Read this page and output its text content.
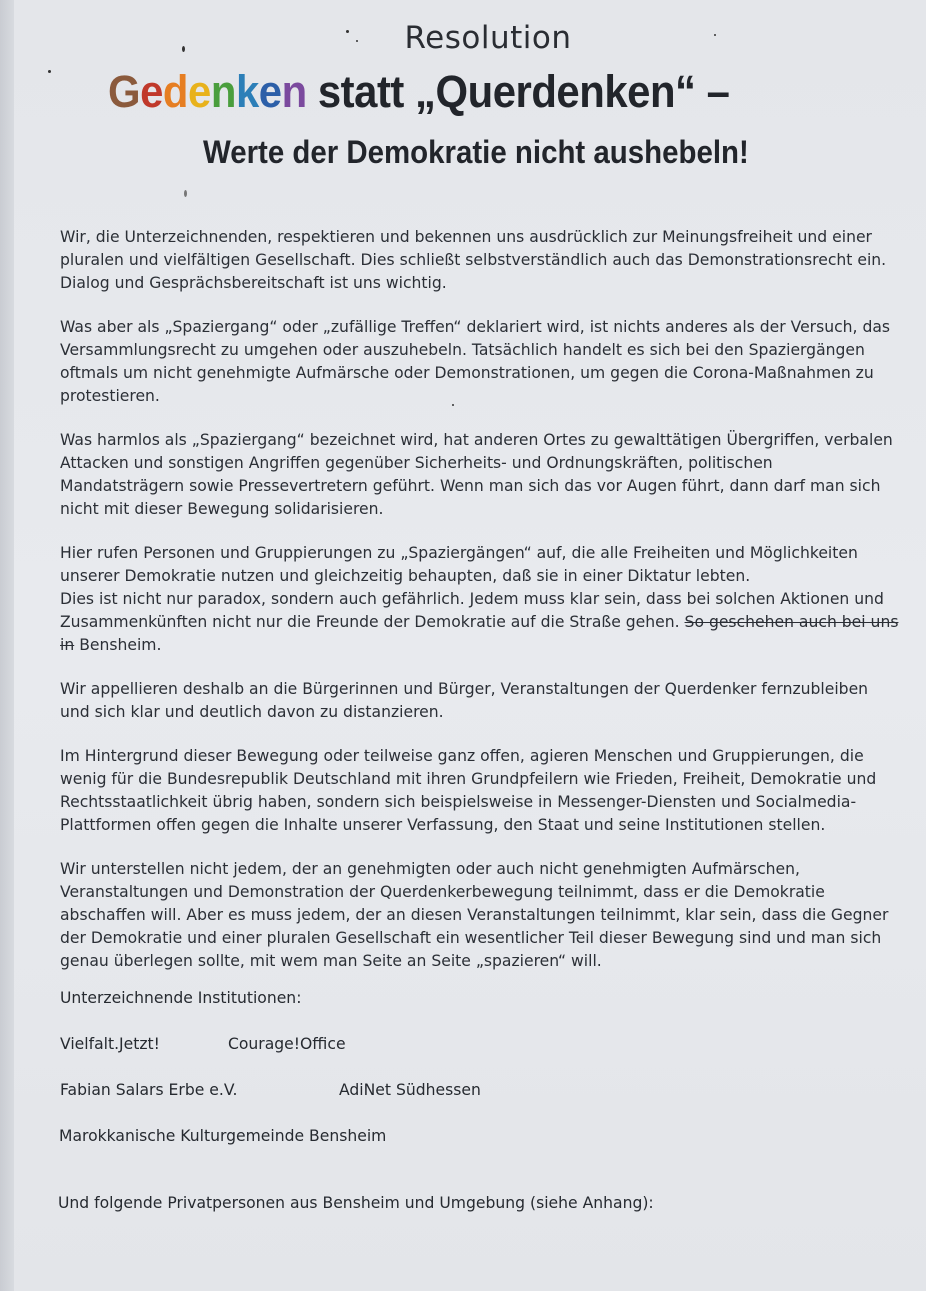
Resolution
Gedenken statt „Querdenken“ –
Werte der Demokratie nicht aushebeln!

Wir, die Unterzeichnenden, respektieren und bekennen uns ausdrücklich zur Meinungsfreiheit und einer pluralen und vielfältigen Gesellschaft. Dies schließt selbstverständlich auch das Demonstrationsrecht ein. Dialog und Gesprächsbereitschaft ist uns wichtig.

Was aber als „Spaziergang“ oder „zufällige Treffen“ deklariert wird, ist nichts anderes als der Versuch, das Versammlungsrecht zu umgehen oder auszuhebeln. Tatsächlich handelt es sich bei den Spaziergängen oftmals um nicht genehmigte Aufmärsche oder Demonstrationen, um gegen die Corona-Maßnahmen zu protestieren.

Was harmlos als „Spaziergang“ bezeichnet wird, hat anderen Ortes zu gewalttätigen Übergriffen, verbalen Attacken und sonstigen Angriffen gegenüber Sicherheits- und Ordnungskräften, politischen Mandatsträgern sowie Pressevertretern geführt. Wenn man sich das vor Augen führt, dann darf man sich nicht mit dieser Bewegung solidarisieren.

Hier rufen Personen und Gruppierungen zu „Spaziergängen“ auf, die alle Freiheiten und Möglichkeiten unserer Demokratie nutzen und gleichzeitig behaupten, daß sie in einer Diktatur lebten.
Dies ist nicht nur paradox, sondern auch gefährlich. Jedem muss klar sein, dass bei solchen Aktionen und Zusammenkünften nicht nur die Freunde der Demokratie auf die Straße gehen. So geschehen auch bei uns in Bensheim.

Wir appellieren deshalb an die Bürgerinnen und Bürger, Veranstaltungen der Querdenker fernzubleiben und sich klar und deutlich davon zu distanzieren.

Im Hintergrund dieser Bewegung oder teilweise ganz offen, agieren Menschen und Gruppierungen, die wenig für die Bundesrepublik Deutschland mit ihren Grundpfeilern wie Frieden, Freiheit, Demokratie und Rechtsstaatlichkeit übrig haben, sondern sich beispielsweise in Messenger-Diensten und Socialmedia-Plattformen offen gegen die Inhalte unserer Verfassung, den Staat und seine Institutionen stellen.

Wir unterstellen nicht jedem, der an genehmigten oder auch nicht genehmigten Aufmärschen, Veranstaltungen und Demonstration der Querdenkerbewegung teilnimmt, dass er die Demokratie abschaffen will. Aber es muss jedem, der an diesen Veranstaltungen teilnimmt, klar sein, dass die Gegner der Demokratie und einer pluralen Gesellschaft ein wesentlicher Teil dieser Bewegung sind und man sich genau überlegen sollte, mit wem man Seite an Seite „spazieren“ will.

Unterzeichnende Institutionen:
Vielfalt.Jetzt!	Courage!Office
Fabian Salars Erbe e.V.	AdiNet Südhessen
Marokkanische Kulturgemeinde Bensheim
Und folgende Privatpersonen aus Bensheim und Umgebung (siehe Anhang):
